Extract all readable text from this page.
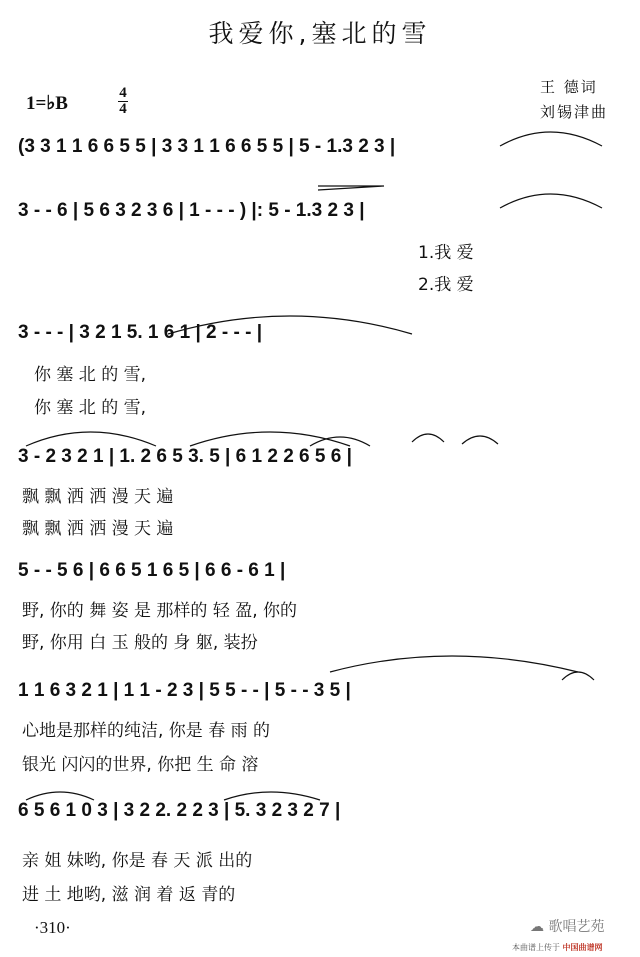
我爱你,塞北的雪
1=♭B	4
4
王 德词
刘锡津曲
(3 3 1 1 6 6 5 5 | 3 3 1 1 6 6 5 5 | 5 - 1.3 2 3 |
3 - - 6 | 5 6 3 2 3 6 | 1 - - - ) |: 5 - 1.3 2 3 |
1.我 爱
2.我 爱
3 - - - | 3 2 1 5. 1 6 1 | 2 - - - |
你 塞 北 的 雪,
你 塞 北 的 雪,
3 - 2 3 2 1 | 1. 2 6 5 3. 5 | 6 1 2 2 6 5 6 |
飘 飘 洒 洒 漫 天 遍
飘 飘 洒 洒 漫 天 遍
5 - - 5 6 | 6 6 5 1 6 5 | 6 6 - 6 1 |
野, 你的 舞 姿 是 那样的 轻 盈, 你的
野, 你用 白 玉 般的 身 躯, 装扮
1 1 6 3 2 1 | 1 1 - 2 3 | 5 5 - - | 5 - - 3 5 |
心地是那样的纯洁, 你是 春 雨 的
银光 闪闪的世界, 你把 生 命 溶
6 5 6 1 0 3 | 3 2 2. 2 2 3 | 5. 3 2 3 2 7 |
亲 姐 妹哟, 你是 春 天 派 出的
进 土 地哟, 滋 润 着 返 青的
·310·	☁ 歌唱艺苑
本曲谱上传于 中国曲谱网
